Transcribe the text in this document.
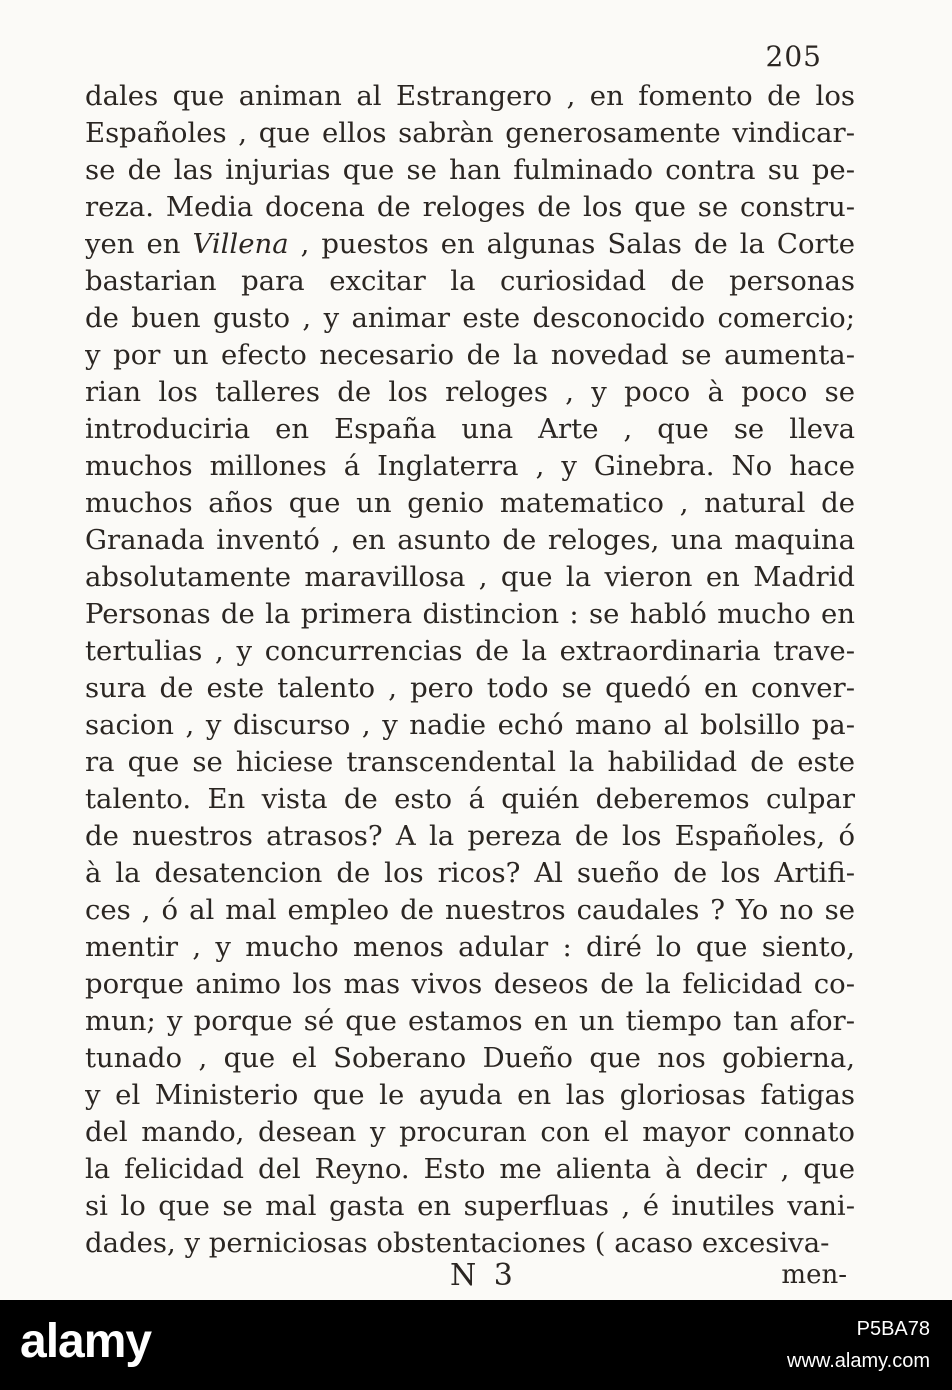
205
dales que animan al Estrangero , en fomento de los
Españoles , que ellos sabràn generosamente vindicar-
se de las injurias que se han fulminado contra su pe-
reza. Media docena de reloges de los que se constru-
yen en Villena , puestos en algunas Salas de la Corte
bastarian para excitar la curiosidad de personas
de buen gusto , y animar este desconocido comercio;
y por un efecto necesario de la novedad se aumenta-
rian los talleres de los reloges , y poco à poco se
introduciria en España una Arte , que se lleva
muchos millones á Inglaterra , y Ginebra. No hace
muchos años que un genio matematico , natural de
Granada inventó , en asunto de reloges, una maquina
absolutamente maravillosa , que la vieron en Madrid
Personas de la primera distincion : se habló mucho en
tertulias , y concurrencias de la extraordinaria trave-
sura de este talento , pero todo se quedó en conver-
sacion , y discurso , y nadie echó mano al bolsillo pa-
ra que se hiciese transcendental la habilidad de este
talento. En vista de esto á quién deberemos culpar
de nuestros atrasos? A la pereza de los Españoles, ó
à la desatencion de los ricos? Al sueño de los Artifi-
ces , ó al mal empleo de nuestros caudales ? Yo no se
mentir , y mucho menos adular : diré lo que siento,
porque animo los mas vivos deseos de la felicidad co-
mun; y porque sé que estamos en un tiempo tan afor-
tunado , que el Soberano Dueño que nos gobierna,
y el Ministerio que le ayuda en las gloriosas fatigas
del mando, desean y procuran con el mayor connato
la felicidad del Reyno. Esto me alienta à decir , que
si lo que se mal gasta en superfluas , é inutiles vani-
dades, y perniciosas obstentaciones ( acaso excesiva-
N 3	men-
alamy	P5BA78
www.alamy.com
